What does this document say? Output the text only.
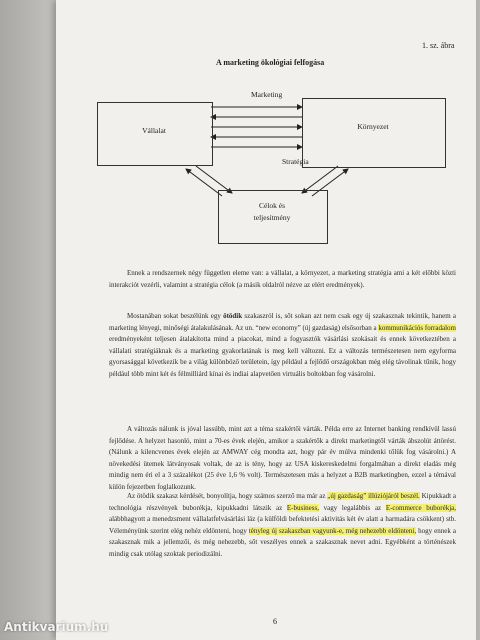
1. sz. ábra
A marketing ökológiai felfogása
Vállalat	Környezet
Célok és
teljesítmény
Marketing
Stratégia

Ennek a rendszernek négy független eleme van: a vállalat, a környezet, a marketing stratégia ami a két előbbi közti interakciót vezérli, valamint a stratégia célok (a másik oldalról nézve az elért eredmények).

Mostanában sokat beszélünk egy ötödik szakaszról is, sőt sokan azt nem csak egy új szakasznak tekintik, hanem a marketing lényegi, minőségi átalakulásának. Az un. “new economy” (új gazdaság) elsősorban a kommunikációs forradalom eredményeként teljesen átalakította mind a piacokat, mind a fogyasztók vásárlási szokásait és ennek következtében a vállalati stratégiáknak és a marketing gyakorlatának is meg kell változni. Ez a változás természetesen nem egyforma gyorsasággal következik be a világ különböző területein, így például a fejlődő országokban még elég távolinak tűnik, hogy például több mint két és félmilliárd kínai és indiai alapvetően virtuális boltokban fog vásárolni.

A változás nálunk is jóval lassúbb, mint azt a téma szakértői várták. Példa erre az Internet banking rendkívül lassú fejlődése. A helyzet hasonló, mint a 70-es évek elején, amikor a szakértők a direkt marketingtől várták ábszolút áttörést. (Nálunk a kilencvenes évek elején az AMWAY cég mondta azt, hogy pár év múlva mindenki tőlük fog vásárolni.) A növekedési ütemek látványosak voltak, de az is tény, hogy az USA kiskereskedelmi forgalmában a direkt eladás még mindig nem éri el a 3 százalékot (25 éve 1,6 % volt). Természetesen más a helyzet a B2B marketingben, ezzel a témával külön fejezetben foglalkozunk.

Az ötödik szakasz kérdését, bonyolítja, hogy számos szerző ma már az „új gazdaság” illúziójáról beszél. Kipukkadt a technológia részvények buborékja, kipukkadni látszik az E-business, vagy legalábbis az E-commerce buborékja, alábbhagyott a menedzsment vállalatfelvásárlási láz (a külföldi befektetési aktivitás két év alatt a harmadára csökkent) stb. Véleményünk szerint elég nehéz eldönteni, hogy tényleg új szakaszban vagyunk-e, még nehezebb eldönteni, hogy ennek a szakasznak mik a jellemzői, és még nehezebb, sőt veszélyes ennek a szakasznak nevet adni. Egyébként a történészek mindig csak utólag szoktak periodizálni.

6
Antikvarium.hu
